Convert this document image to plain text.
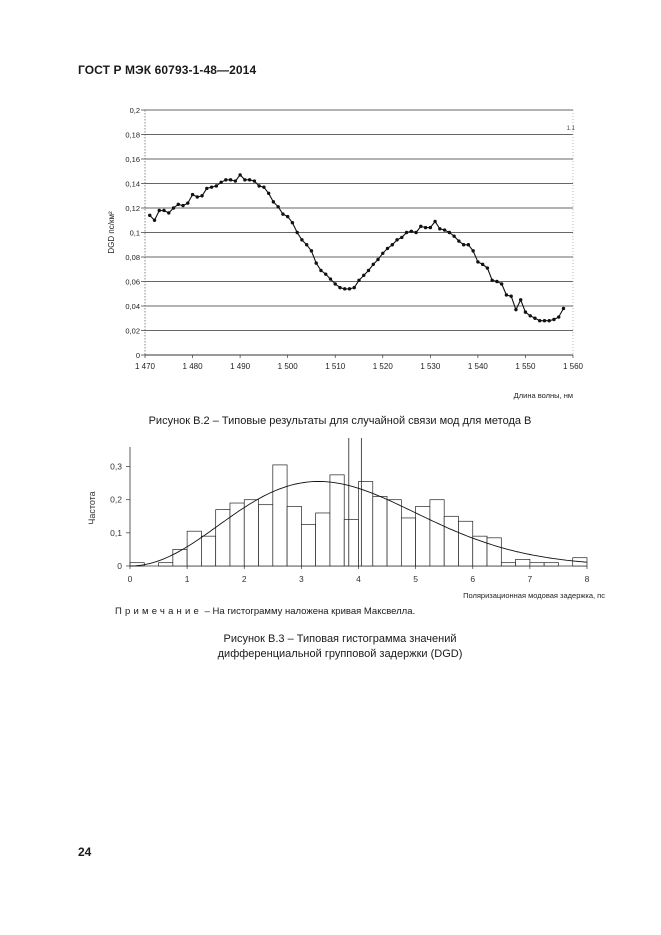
ГОСТ Р МЭК 60793-1-48—2014
0
0,02
0,04
0,06
0,08
0,1
0,12
0,14
0,16
0,18
0,2
1 470	1 480	1 490	1 500	1 510	1 520	1 530	1 540	1 550	1 560
DGD пс/км²
Длина волны, нм
1.1
Рисунок В.2 – Типовые результаты для случайной связи мод для метода В
0
0,1
0,2
0,3
0	1	2	3	4	5	6	7	8
Частота
Поляризационная модовая задержка, пс
Примечание – На гистограмму наложена кривая Максвелла.
Рисунок В.3 – Типовая гистограмма значений
дифференциальной групповой задержки (DGD)
24
